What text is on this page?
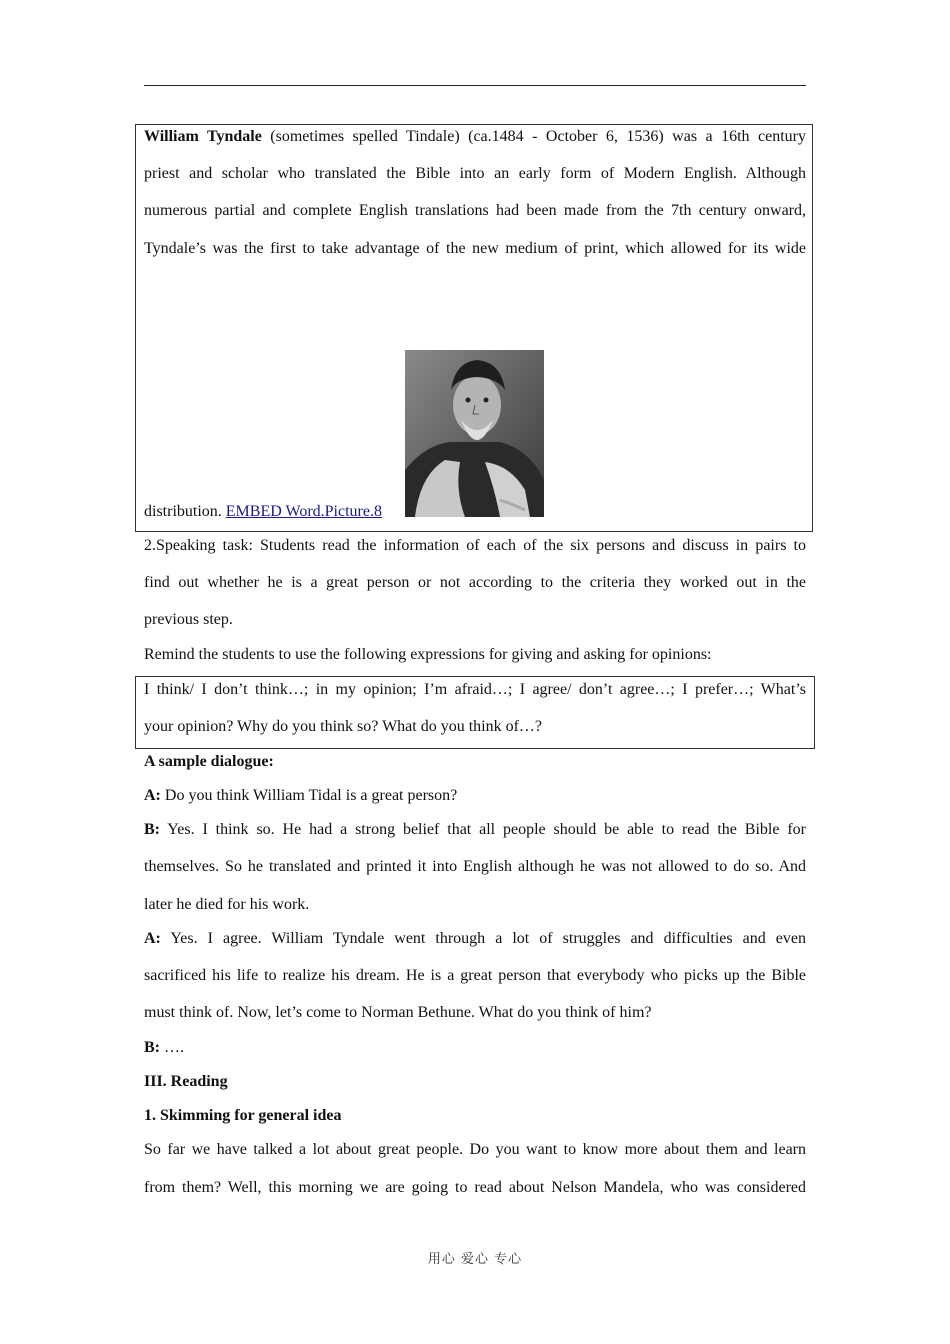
William Tyndale (sometimes spelled Tindale) (ca.1484 - October 6, 1536) was a 16th century
priest and scholar who translated the Bible into an early form of Modern English. Although
numerous partial and complete English translations had been made from the 7th century onward,
Tyndale’s was the first to take advantage of the new medium of print, which allowed for its wide
distribution. EMBED Word.Picture.8
2.Speaking task: Students read the information of each of the six persons and discuss in pairs to
find out whether he is a great person or not according to the criteria they worked out in the
previous step.
Remind the students to use the following expressions for giving and asking for opinions:
I think/ I don’t think…; in my opinion; I’m afraid…; I agree/ don’t agree…; I prefer…; What’s
your opinion? Why do you think so? What do you think of…?
A sample dialogue:
A: Do you think William Tidal is a great person?
B: Yes. I think so. He had a strong belief that all people should be able to read the Bible for
themselves. So he translated and printed it into English although he was not allowed to do so. And
later he died for his work.
A: Yes. I agree. William Tyndale went through a lot of struggles and difficulties and even
sacrificed his life to realize his dream. He is a great person that everybody who picks up the Bible
must think of. Now, let’s come to Norman Bethune. What do you think of him?
B: ….
III. Reading
1. Skimming for general idea
So far we have talked a lot about great people. Do you want to know more about them and learn
from them? Well, this morning we are going to read about Nelson Mandela, who was considered
用心 爱心 专心
